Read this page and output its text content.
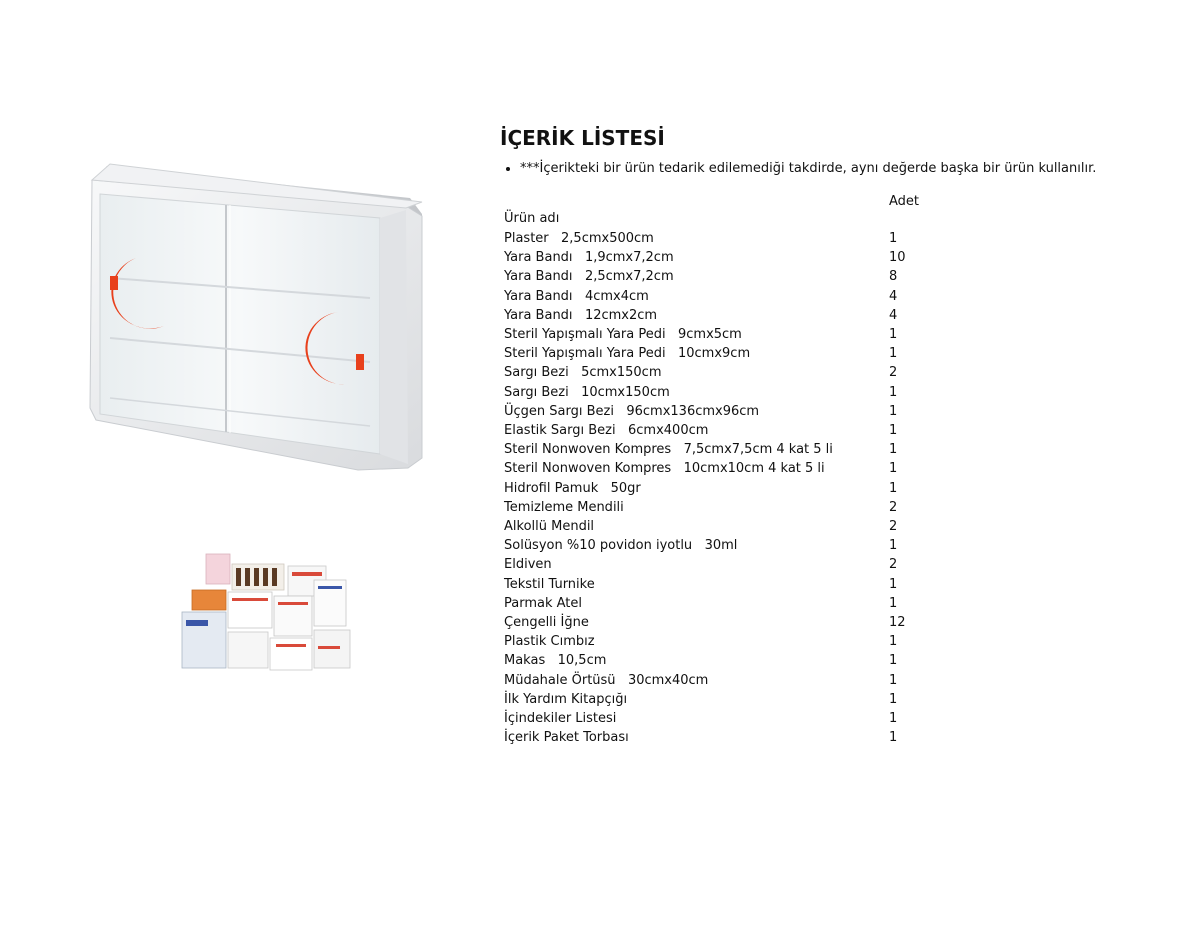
İÇERİK LİSTESİ
• ***İçerikteki bir ürün tedarik edilemediği takdirde, aynı değerde başka bir ürün kullanılır.
Ürün adı	Adet
Plaster   2,5cmx500cm	1
Yara Bandı   1,9cmx7,2cm	10
Yara Bandı   2,5cmx7,2cm	8
Yara Bandı   4cmx4cm	4
Yara Bandı   12cmx2cm	4
Steril Yapışmalı Yara Pedi   9cmx5cm	1
Steril Yapışmalı Yara Pedi   10cmx9cm	1
Sargı Bezi   5cmx150cm	2
Sargı Bezi   10cmx150cm	1
Üçgen Sargı Bezi   96cmx136cmx96cm	1
Elastik Sargı Bezi   6cmx400cm	1
Steril Nonwoven Kompres   7,5cmx7,5cm 4 kat 5 li	1
Steril Nonwoven Kompres   10cmx10cm 4 kat 5 li	1
Hidrofil Pamuk   50gr	1
Temizleme Mendili	2
Alkollü Mendil	2
Solüsyon %10 povidon iyotlu   30ml	1
Eldiven	2
Tekstil Turnike	1
Parmak Atel	1
Çengelli İğne	12
Plastik Cımbız	1
Makas   10,5cm	1
Müdahale Örtüsü   30cmx40cm	1
İlk Yardım Kitapçığı	1
İçindekiler Listesi	1
İçerik Paket Torbası	1
